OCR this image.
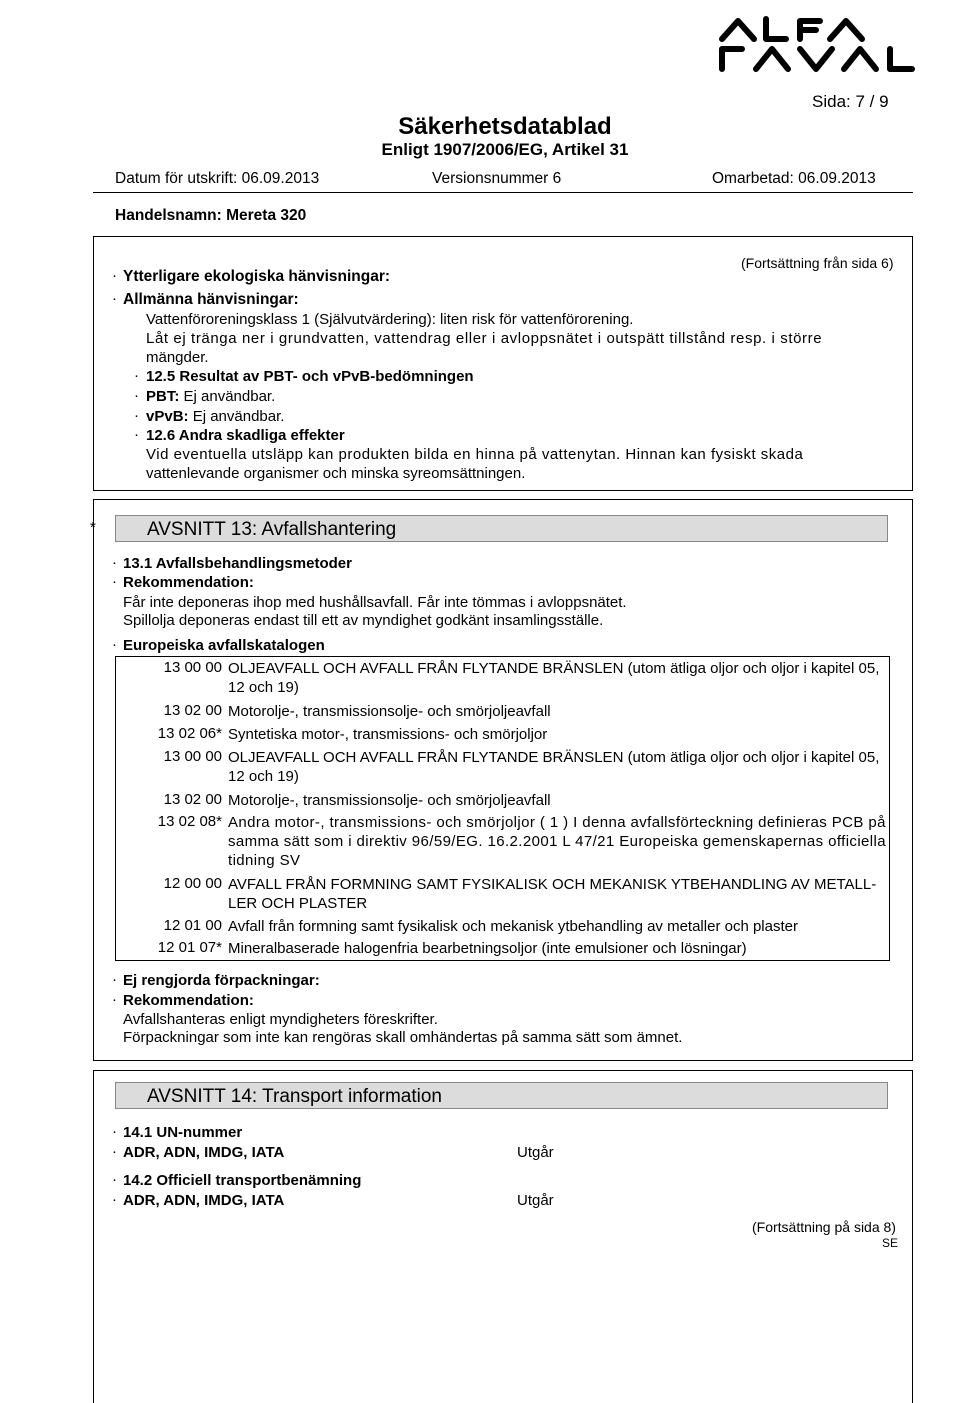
Sida: 7 / 9
Säkerhetsdatablad
Enligt 1907/2006/EG, Artikel 31
Datum för utskrift: 06.09.2013	Versionsnummer 6	Omarbetad: 06.09.2013
Handelsnamn: Mereta 320
(Fortsättning från sida 6)
· Ytterligare ekologiska hänvisningar:
· Allmänna hänvisningar:
Vattenföroreningsklass 1 (Självutvärdering): liten risk för vattenförorening.
Låt ej tränga ner i grundvatten, vattendrag eller i avloppsnätet i outspätt tillstånd resp. i större
mängder.
· 12.5 Resultat av PBT- och vPvB-bedömningen
· PBT: Ej användbar.
· vPvB: Ej användbar.
· 12.6 Andra skadliga effekter
Vid eventuella utsläpp kan produkten bilda en hinna på vattenytan. Hinnan kan fysiskt skada
vattenlevande organismer och minska syreomsättningen.
*	AVSNITT 13: Avfallshantering
· 13.1 Avfallsbehandlingsmetoder
· Rekommendation:
Får inte deponeras ihop med hushållsavfall. Får inte tömmas i avloppsnätet.
Spillolja deponeras endast till ett av myndighet godkänt insamlingsställe.
· Europeiska avfallskatalogen
· Ej rengjorda förpackningar:
· Rekommendation:
Avfallshanteras enligt myndigheters föreskrifter.
Förpackningar som inte kan rengöras skall omhändertas på samma sätt som ämnet.
13 00 00 OLJEAVFALL OCH AVFALL FRÅN FLYTANDE BRÄNSLEN (utom ätliga oljor och oljor i kapitel 05, 12 och 19)
13 02 00 Motorolje-, transmissionsolje- och smörjoljeavfall
13 02 06* Syntetiska motor-, transmissions- och smörjoljor
13 00 00 OLJEAVFALL OCH AVFALL FRÅN FLYTANDE BRÄNSLEN (utom ätliga oljor och oljor i kapitel 05, 12 och 19)
13 02 00 Motorolje-, transmissionsolje- och smörjoljeavfall
13 02 08* Andra motor-, transmissions- och smörjoljor ( 1 ) I denna avfallsförteckning definieras PCB på samma sätt som i direktiv 96/59/EG. 16.2.2001 L 47/21 Europeiska gemenskapernas officiella tidning SV
12 00 00 AVFALL FRÅN FORMNING SAMT FYSIKALISK OCH MEKANISK YTBEHANDLING AV METALL- LER OCH PLASTER
12 01 00 Avfall från formning samt fysikalisk och mekanisk ytbehandling av metaller och plaster
12 01 07* Mineralbaserade halogenfria bearbetningsoljor (inte emulsioner och lösningar)
AVSNITT 14: Transport information
· 14.1 UN-nummer
· ADR, ADN, IMDG, IATA	Utgår
· 14.2 Officiell transportbenämning
· ADR, ADN, IMDG, IATA	Utgår
(Fortsättning på sida 8)
SE
